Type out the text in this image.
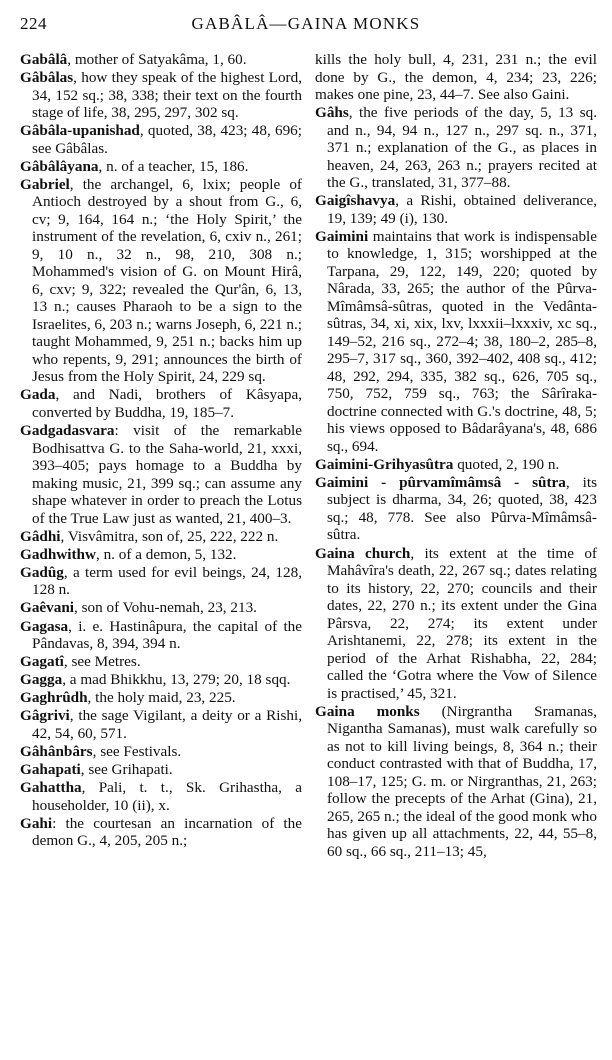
224	GABÂLÂ—GAINA MONKS

Gabâlâ, mother of Satyakâma, 1, 60.

Gâbâlas, how they speak of the highest Lord, 34, 152 sq.; 38, 338; their text on the fourth stage of life, 38, 295, 297, 302 sq.

Gâbâla-upanishad, quoted, 38, 423; 48, 696; see Gâbâlas.

Gâbâlâyana, n. of a teacher, 15, 186.

Gabriel, the archangel, 6, lxix; people of Antioch destroyed by a shout from G., 6, cv; 9, 164, 164 n.; ‘the Holy Spirit,’ the instrument of the revelation, 6, cxiv n., 261; 9, 10 n., 32 n., 98, 210, 308 n.; Mohammed's vision of G. on Mount Hirâ, 6, cxv; 9, 322; revealed the Qur'ân, 6, 13, 13 n.; causes Pharaoh to be a sign to the Israelites, 6, 203 n.; warns Joseph, 6, 221 n.; taught Mohammed, 9, 251 n.; backs him up who repents, 9, 291; announces the birth of Jesus from the Holy Spirit, 24, 229 sq.

Gada, and Nadi, brothers of Kâsyapa, converted by Buddha, 19, 185–7.

Gadgadasvara: visit of the remarkable Bodhisattva G. to the Saha-world, 21, xxxi, 393–405; pays homage to a Buddha by making music, 21, 399 sq.; can assume any shape whatever in order to preach the Lotus of the True Law just as wanted, 21, 400–3.

Gâdhi, Visvâmitra, son of, 25, 222, 222 n.

Gadhwithw, n. of a demon, 5, 132.

Gadûg, a term used for evil beings, 24, 128, 128 n.

Gaêvani, son of Vohu-nemah, 23, 213.

Gagasa, i. e. Hastinâpura, the capital of the Pândavas, 8, 394, 394 n.

Gagatî, see Metres.

Gagga, a mad Bhikkhu, 13, 279; 20, 18 sqq.

Gaghrûdh, the holy maid, 23, 225.

Gâgrivi, the sage Vigilant, a deity or a Rishi, 42, 54, 60, 571.

Gâhânbârs, see Festivals.

Gahapati, see Grihapati.

Gahattha, Pali, t. t., Sk. Grihastha, a householder, 10 (ii), x.

Gahi: the courtesan an incarnation of the demon G., 4, 205, 205 n.;

kills the holy bull, 4, 231, 231 n.; the evil done by G., the demon, 4, 234; 23, 226; makes one pine, 23, 44–7. See also Gaini.

Gâhs, the five periods of the day, 5, 13 sq. and n., 94, 94 n., 127 n., 297 sq. n., 371, 371 n.; explanation of the G., as places in heaven, 24, 263, 263 n.; prayers recited at the G., translated, 31, 377–88.

Gaigîshavya, a Rishi, obtained deliverance, 19, 139; 49 (i), 130.

Gaimini maintains that work is indispensable to knowledge, 1, 315; worshipped at the Tarpana, 29, 122, 149, 220; quoted by Nârada, 33, 265; the author of the Pûrva-Mîmâmsâ-sûtras, quoted in the Vedânta-sûtras, 34, xi, xix, lxv, lxxxii–lxxxiv, xc sq., 149–52, 216 sq., 272–4; 38, 180–2, 285–8, 295–7, 317 sq., 360, 392–402, 408 sq., 412; 48, 292, 294, 335, 382 sq., 626, 705 sq., 750, 752, 759 sq., 763; the Sârîraka-doctrine connected with G.'s doctrine, 48, 5; his views opposed to Bâdarâyana's, 48, 686 sq., 694.

Gaimini-Grihyasûtra quoted, 2, 190 n.

Gaimini - pûrvamîmâmsâ - sûtra, its subject is dharma, 34, 26; quoted, 38, 423 sq.; 48, 778. See also Pûrva-Mîmâmsâ-sûtra.

Gaina church, its extent at the time of Mahâvîra's death, 22, 267 sq.; dates relating to its history, 22, 270; councils and their dates, 22, 270 n.; its extent under the Gina Pârsva, 22, 274; its extent under Arishtanemi, 22, 278; its extent in the period of the Arhat Rishabha, 22, 284; called the ‘Gotra where the Vow of Silence is practised,’ 45, 321.

Gaina monks (Nirgrantha Sramanas, Nigantha Samanas), must walk carefully so as not to kill living beings, 8, 364 n.; their conduct contrasted with that of Buddha, 17, 108–17, 125; G. m. or Nirgranthas, 21, 263; follow the precepts of the Arhat (Gina), 21, 265, 265 n.; the ideal of the good monk who has given up all attachments, 22, 44, 55–8, 60 sq., 66 sq., 211–13; 45,
